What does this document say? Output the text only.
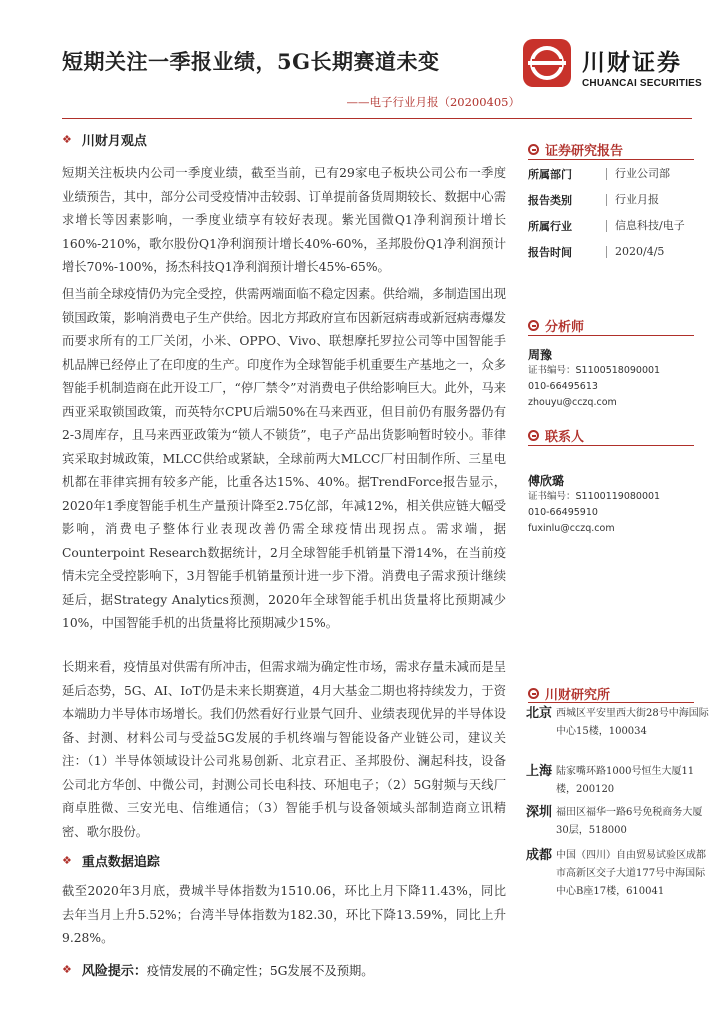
短期关注一季报业绩，5G长期赛道未变
——电子行业月报（20200405）
川财证券
CHUANCAI SECURITIES
❖ 川财月观点

短期关注板块内公司一季度业绩，截至当前，已有29家电子板块公司公布一季度业绩预告，其中，部分公司受疫情冲击较弱、订单提前备货周期较长、数据中心需求增长等因素影响，一季度业绩享有较好表现。紫光国微Q1净利润预计增长160%-210%，歌尔股份Q1净利润预计增长40%-60%，圣邦股份Q1净利润预计增长70%-100%，扬杰科技Q1净利润预计增长45%-65%。

但当前全球疫情仍为完全受控，供需两端面临不稳定因素。供给端，多制造国出现锁国政策，影响消费电子生产供给。因北方邦政府宣布因新冠病毒或新冠病毒爆发而要求所有的工厂关闭，小米、OPPO、Vivo、联想摩托罗拉公司等中国智能手机品牌已经停止了在印度的生产。印度作为全球智能手机重要生产基地之一，众多智能手机制造商在此开设工厂，“停厂禁令”对消费电子供给影响巨大。此外，马来西亚采取锁国政策，而英特尔CPU后端50%在马来西亚，但目前仍有服务器仍有2-3周库存，且马来西亚政策为“锁人不锁货”，电子产品出货影响暂时较小。菲律宾采取封城政策，MLCC供给或紧缺，全球前两大MLCC厂村田制作所、三星电机都在菲律宾拥有较多产能，比重各达15%、40%。据TrendForce报告显示，2020年1季度智能手机生产量预计降至2.75亿部，年减12%，相关供应链大幅受影响，消费电子整体行业表现改善仍需全球疫情出现拐点。需求端，据Counterpoint Research数据统计，2月全球智能手机销量下滑14%，在当前疫情未完全受控影响下，3月智能手机销量预计进一步下滑。消费电子需求预计继续延后，据Strategy Analytics预测，2020年全球智能手机出货量将比预期减少10%，中国智能手机的出货量将比预期减少15%。

长期来看，疫情虽对供需有所冲击，但需求端为确定性市场，需求存量未减而是呈延后态势，5G、AI、IoT仍是未来长期赛道，4月大基金二期也将持续发力，于资本端助力半导体市场增长。我们仍然看好行业景气回升、业绩表现优异的半导体设备、封测、材料公司与受益5G发展的手机终端与智能设备产业链公司，建议关注：（1）半导体领域设计公司兆易创新、北京君正、圣邦股份、澜起科技，设备公司北方华创、中微公司，封测公司长电科技、环旭电子；（2）5G射频与天线厂商卓胜微、三安光电、信维通信；（3）智能手机与设备领域头部制造商立讯精密、歌尔股份。

❖ 重点数据追踪

截至2020年3月底，费城半导体指数为1510.06，环比上月下降11.43%，同比去年当月上升5.52%；台湾半导体指数为182.30，环比下降13.59%，同比上升9.28%。

❖ 风险提示： 疫情发展的不确定性；5G发展不及预期。
证券研究报告
所属部门	行业公司部
报告类别	行业月报
所属行业	信息科技/电子
报告时间	2020/4/5
分析师
周豫
证书编号：S1100518090001
010-66495613
zhouyu@cczq.com
联系人
傅欣璐
证书编号：S1100119080001
010-66495910
fuxinlu@cczq.com
川财研究所
北京 西城区平安里西大街28号中海国际中心15楼，100034
上海 陆家嘴环路1000号恒生大厦11楼，200120
深圳 福田区福华一路6号免税商务大厦30层，518000
成都 中国（四川）自由贸易试验区成都市高新区交子大道177号中海国际中心B座17楼，610041
